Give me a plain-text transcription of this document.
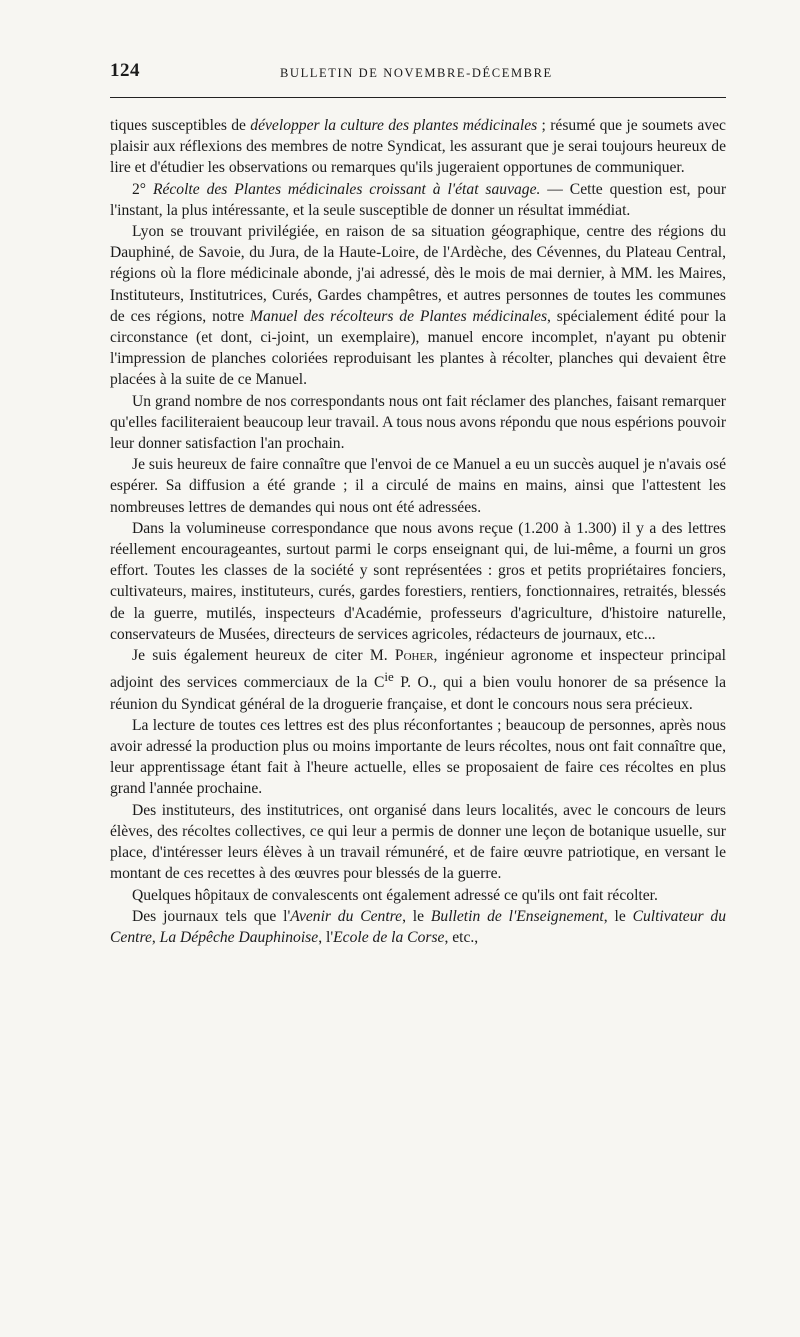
124	BULLETIN DE NOVEMBRE-DÉCEMBRE

tiques susceptibles de développer la culture des plantes médicinales ; résumé que je soumets avec plaisir aux réflexions des membres de notre Syndicat, les assurant que je serai toujours heureux de lire et d'étudier les observations ou remarques qu'ils jugeraient opportunes de communiquer.

2° Récolte des Plantes médicinales croissant à l'état sauvage. — Cette question est, pour l'instant, la plus intéressante, et la seule susceptible de donner un résultat immédiat.

Lyon se trouvant privilégiée, en raison de sa situation géographique, centre des régions du Dauphiné, de Savoie, du Jura, de la Haute-Loire, de l'Ardèche, des Cévennes, du Plateau Central, régions où la flore médicinale abonde, j'ai adressé, dès le mois de mai dernier, à MM. les Maires, Instituteurs, Institutrices, Curés, Gardes champêtres, et autres personnes de toutes les communes de ces régions, notre Manuel des récolteurs de Plantes médicinales, spécialement édité pour la circonstance (et dont, ci-joint, un exemplaire), manuel encore incomplet, n'ayant pu obtenir l'impression de planches coloriées reproduisant les plantes à récolter, planches qui devaient être placées à la suite de ce Manuel.

Un grand nombre de nos correspondants nous ont fait réclamer des planches, faisant remarquer qu'elles faciliteraient beaucoup leur travail. A tous nous avons répondu que nous espérions pouvoir leur donner satisfaction l'an prochain.

Je suis heureux de faire connaître que l'envoi de ce Manuel a eu un succès auquel je n'avais osé espérer. Sa diffusion a été grande ; il a circulé de mains en mains, ainsi que l'attestent les nombreuses lettres de demandes qui nous ont été adressées.

Dans la volumineuse correspondance que nous avons reçue (1.200 à 1.300) il y a des lettres réellement encourageantes, surtout parmi le corps enseignant qui, de lui-même, a fourni un gros effort. Toutes les classes de la société y sont représentées : gros et petits propriétaires fonciers, cultivateurs, maires, instituteurs, curés, gardes forestiers, rentiers, fonctionnaires, retraités, blessés de la guerre, mutilés, inspecteurs d'Académie, professeurs d'agriculture, d'histoire naturelle, conservateurs de Musées, directeurs de services agricoles, rédacteurs de journaux, etc...

Je suis également heureux de citer M. Poher, ingénieur agronome et inspecteur principal adjoint des services commerciaux de la $C^{ie}$ P. O., qui a bien voulu honorer de sa présence la réunion du Syndicat général de la droguerie française, et dont le concours nous sera précieux.

La lecture de toutes ces lettres est des plus réconfortantes ; beaucoup de personnes, après nous avoir adressé la production plus ou moins importante de leurs récoltes, nous ont fait connaître que, leur apprentissage étant fait à l'heure actuelle, elles se proposaient de faire ces récoltes en plus grand l'année prochaine.

Des instituteurs, des institutrices, ont organisé dans leurs localités, avec le concours de leurs élèves, des récoltes collectives, ce qui leur a permis de donner une leçon de botanique usuelle, sur place, d'intéresser leurs élèves à un travail rémunéré, et de faire œuvre patriotique, en versant le montant de ces recettes à des œuvres pour blessés de la guerre.

Quelques hôpitaux de convalescents ont également adressé ce qu'ils ont fait récolter.

Des journaux tels que l'Avenir du Centre, le Bulletin de l'Enseignement, le Cultivateur du Centre, La Dépêche Dauphinoise, l'Ecole de la Corse, etc.,
